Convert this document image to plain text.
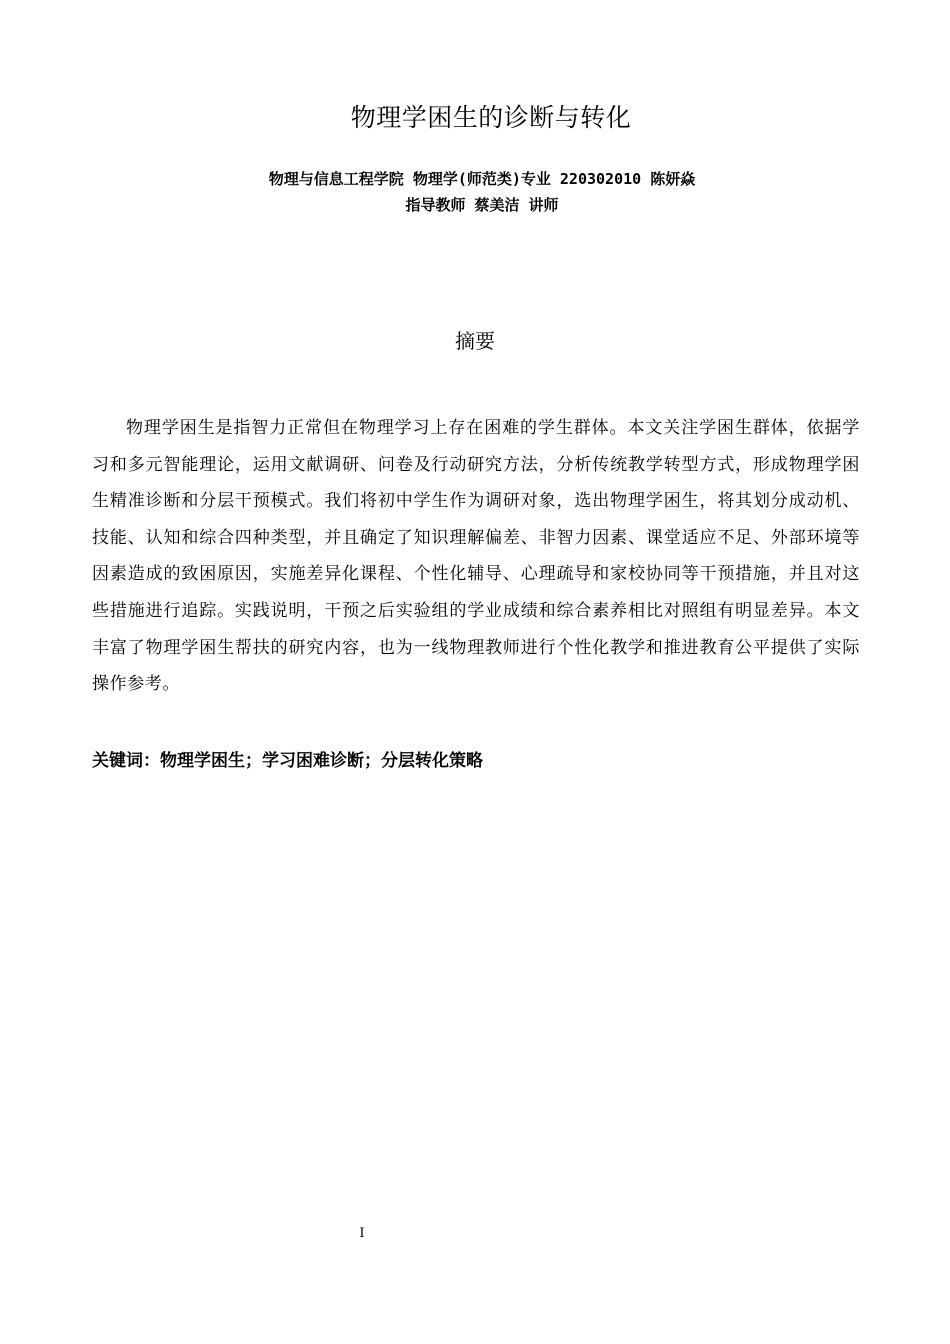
物理学困生的诊断与转化
物理与信息工程学院 物理学(师范类)专业 220302010 陈妍焱
指导教师 蔡美洁 讲师
摘要

物理学困生是指智力正常但在物理学习上存在困难的学生群体。本文关注学困生群体，依据学习和多元智能理论，运用文献调研、问卷及行动研究方法，分析传统教学转型方式，形成物理学困生精准诊断和分层干预模式。我们将初中学生作为调研对象，选出物理学困生，将其划分成动机、技能、认知和综合四种类型，并且确定了知识理解偏差、非智力因素、课堂适应不足、外部环境等因素造成的致困原因，实施差异化课程、个性化辅导、心理疏导和家校协同等干预措施，并且对这些措施进行追踪。实践说明，干预之后实验组的学业成绩和综合素养相比对照组有明显差异。本文丰富了物理学困生帮扶的研究内容，也为一线物理教师进行个性化教学和推进教育公平提供了实际操作参考。

关键词：物理学困生；学习困难诊断；分层转化策略
I
